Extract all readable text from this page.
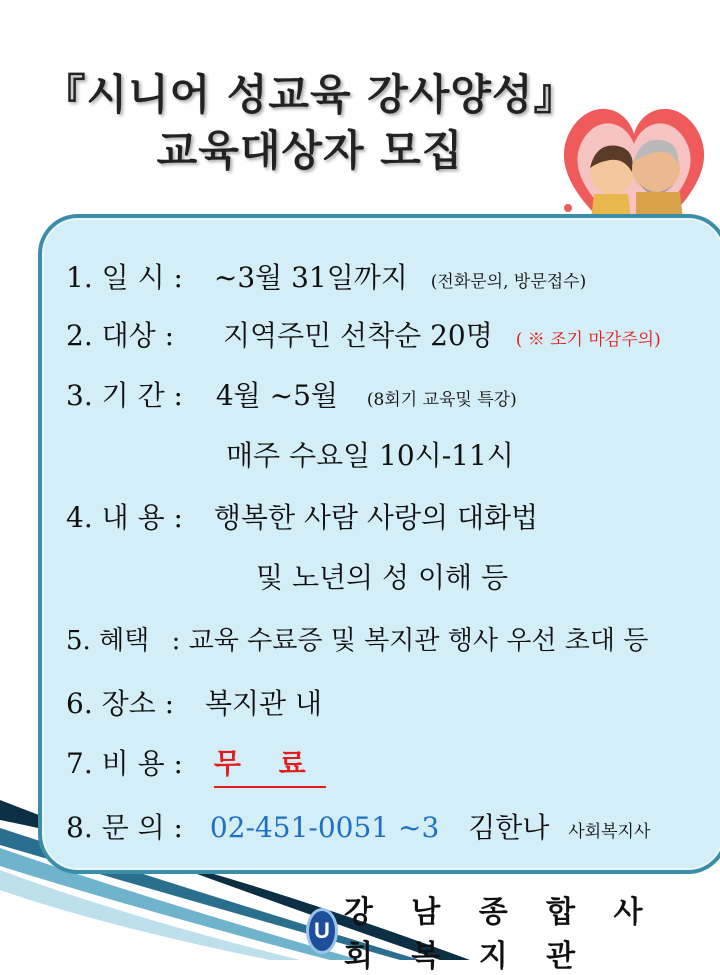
『시니어 성교육 강사양성』
교육대상자 모집
1. 일 시 : ~3월 31일까지 (전화문의, 방문접수)
2. 대상 : 지역주민 선착순 20명 ( ※ 조기 마감주의)
3. 기 간 : 4월 ~5월 (8회기 교육및 특강)
매주 수요일 10시-11시
4. 내 용 : 행복한 사람 사랑의 대화법
및 노년의 성 이해 등
5. 혜택 : 교육 수료증 및 복지관 행사 우선 초대 등
6. 장소 : 복지관 내
7. 비 용 : 무 료
8. 문 의 : 02-451-0051 ~3 김한나 사회복지사
U
강 남 종 합 사 회 복 지 관
